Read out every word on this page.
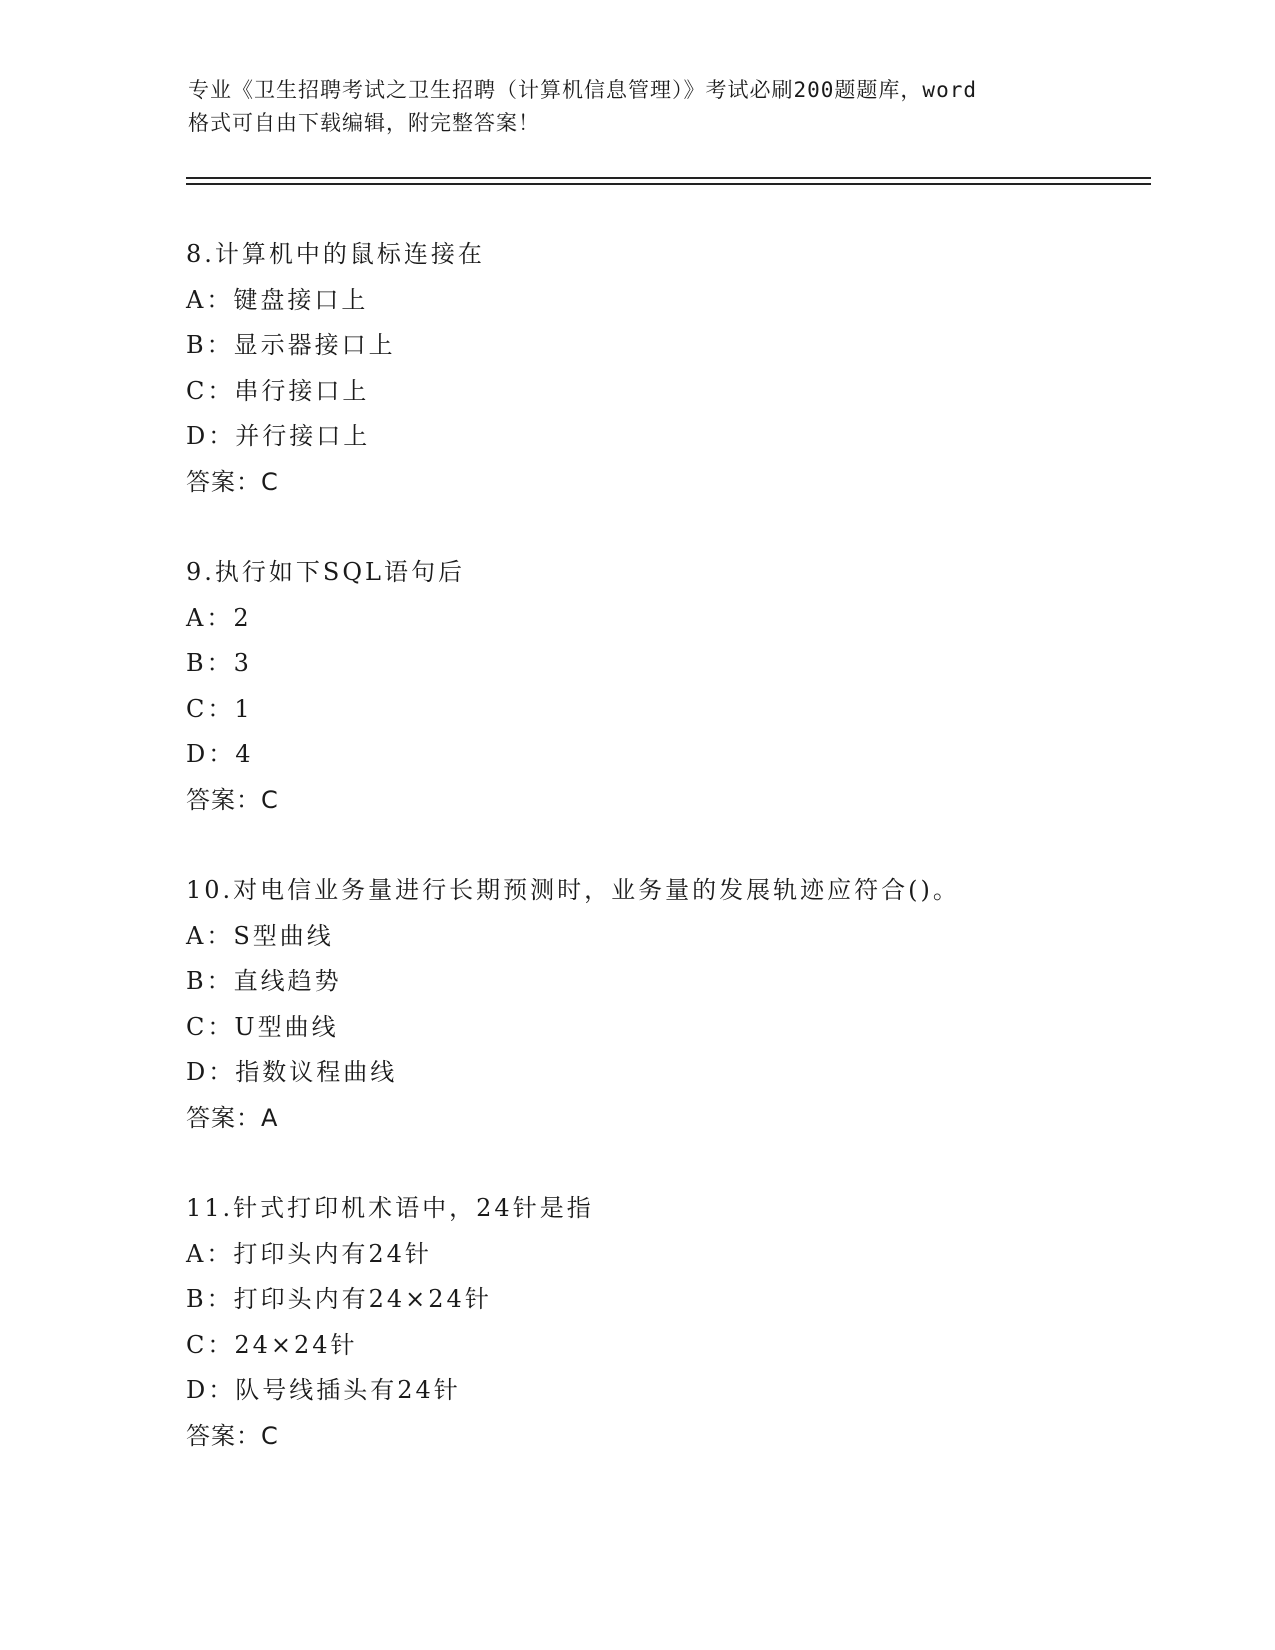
专业《卫生招聘考试之卫生招聘（计算机信息管理）》考试必刷200题题库，word
格式可自由下载编辑，附完整答案！
8.计算机中的鼠标连接在
A：键盘接口上
B：显示器接口上
C：串行接口上
D：并行接口上
答案：C
9.执行如下SQL语句后
A：2
B：3
C：1
D：4
答案：C
10.对电信业务量进行长期预测时，业务量的发展轨迹应符合()。
A：S型曲线
B：直线趋势
C：U型曲线
D：指数议程曲线
答案：A
11.针式打印机术语中，24针是指
A：打印头内有24针
B：打印头内有24×24针
C：24×24针
D：队号线插头有24针
答案：C
